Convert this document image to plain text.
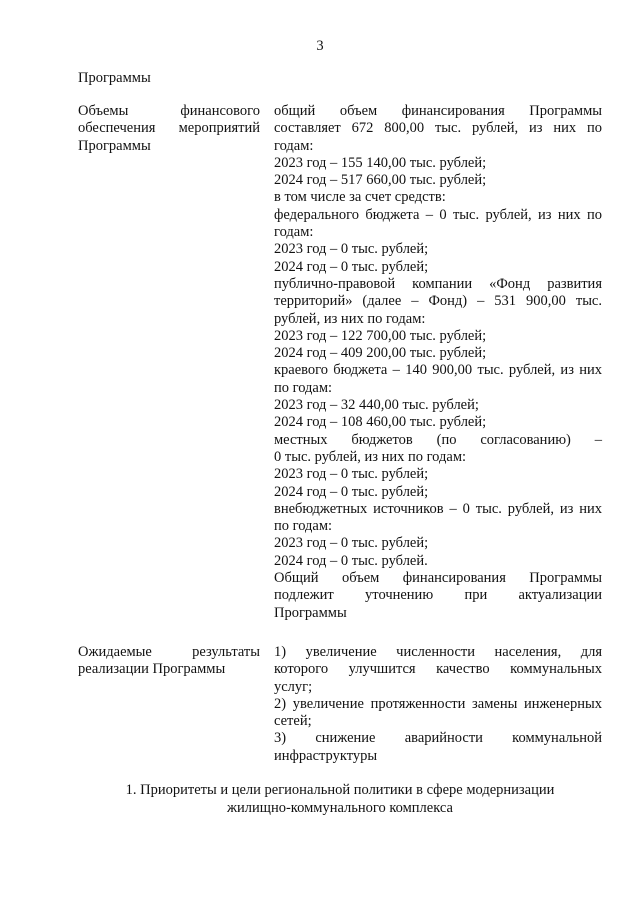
3
Программы
Объемы финансового
обеспечения мероприятий
Программы
общий объем финансирования Программы
составляет 672 800,00 тыс. рублей, из них по
годам:
2023 год – 155 140,00 тыс. рублей;
2024 год – 517 660,00 тыс. рублей;
в том числе за счет средств:
федерального бюджета – 0 тыс. рублей, из них по
годам:
2023 год – 0 тыс. рублей;
2024 год – 0 тыс. рублей;
публично-правовой компании «Фонд развития
территорий» (далее – Фонд) – 531 900,00 тыс.
рублей, из них по годам:
2023 год – 122 700,00 тыс. рублей;
2024 год – 409 200,00 тыс. рублей;
краевого бюджета – 140 900,00 тыс. рублей, из них
по годам:
2023 год – 32 440,00 тыс. рублей;
2024 год – 108 460,00 тыс. рублей;
местных бюджетов (по согласованию) –
0 тыс. рублей, из них по годам:
2023 год – 0 тыс. рублей;
2024 год – 0 тыс. рублей;
внебюджетных источников – 0 тыс. рублей, из них
по годам:
2023 год – 0 тыс. рублей;
2024 год – 0 тыс. рублей.
Общий объем финансирования Программы
подлежит уточнению при актуализации
Программы
Ожидаемые результаты
реализации Программы
1) увеличение численности населения, для
которого улучшится качество коммунальных
услуг;
2) увеличение протяженности замены инженерных
сетей;
3) снижение аварийности коммунальной
инфраструктуры
1. Приоритеты и цели региональной политики в сфере модернизации
жилищно-коммунального комплекса
